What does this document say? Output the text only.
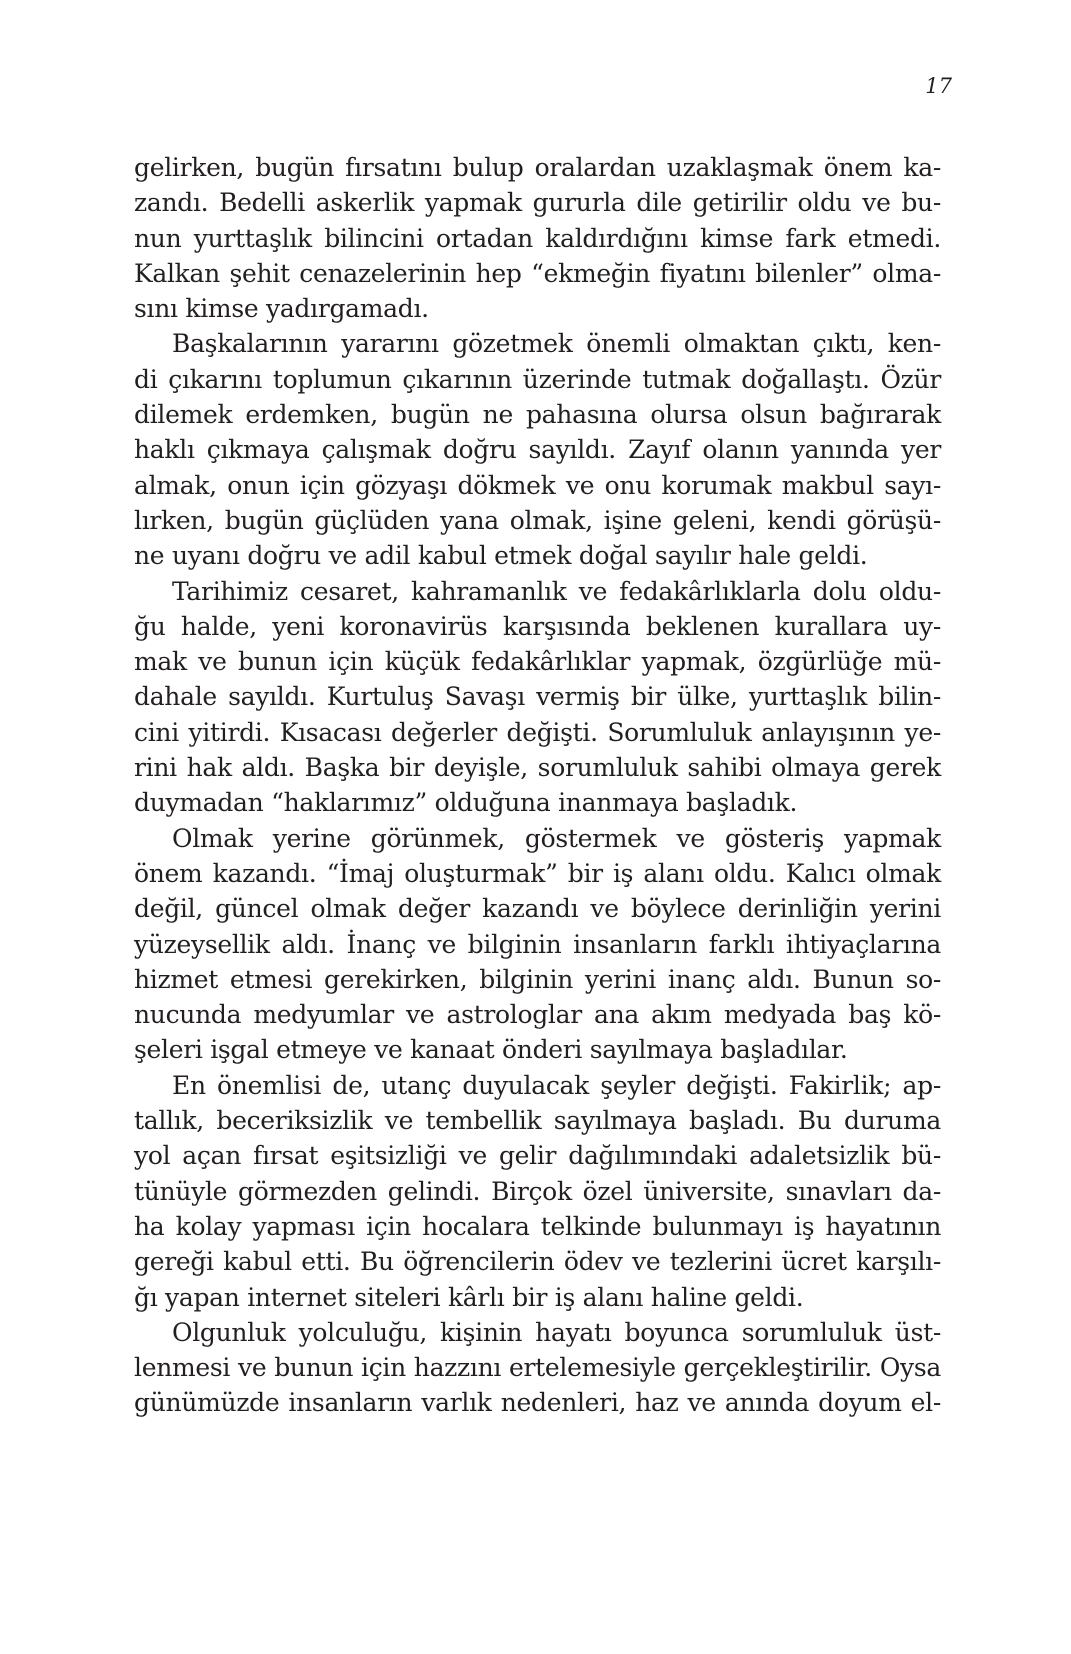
17
gelirken, bugün fırsatını bulup oralardan uzaklaşmak önem ka-
zandı. Bedelli askerlik yapmak gururla dile getirilir oldu ve bu-
nun yurttaşlık bilincini ortadan kaldırdığını kimse fark etmedi.
Kalkan şehit cenazelerinin hep “ekmeğin fiyatını bilenler” olma-
sını kimse yadırgamadı.
Başkalarının yararını gözetmek önemli olmaktan çıktı, ken-
di çıkarını toplumun çıkarının üzerinde tutmak doğallaştı. Özür
dilemek erdemken, bugün ne pahasına olursa olsun bağırarak
haklı çıkmaya çalışmak doğru sayıldı. Zayıf olanın yanında yer
almak, onun için gözyaşı dökmek ve onu korumak makbul sayı-
lırken, bugün güçlüden yana olmak, işine geleni, kendi görüşü-
ne uyanı doğru ve adil kabul etmek doğal sayılır hale geldi.
Tarihimiz cesaret, kahramanlık ve fedakârlıklarla dolu oldu-
ğu halde, yeni koronavirüs karşısında beklenen kurallara uy-
mak ve bunun için küçük fedakârlıklar yapmak, özgürlüğe mü-
dahale sayıldı. Kurtuluş Savaşı vermiş bir ülke, yurttaşlık bilin-
cini yitirdi. Kısacası değerler değişti. Sorumluluk anlayışının ye-
rini hak aldı. Başka bir deyişle, sorumluluk sahibi olmaya gerek
duymadan “haklarımız” olduğuna inanmaya başladık.
Olmak yerine görünmek, göstermek ve gösteriş yapmak
önem kazandı. “İmaj oluşturmak” bir iş alanı oldu. Kalıcı olmak
değil, güncel olmak değer kazandı ve böylece derinliğin yerini
yüzeysellik aldı. İnanç ve bilginin insanların farklı ihtiyaçlarına
hizmet etmesi gerekirken, bilginin yerini inanç aldı. Bunun so-
nucunda medyumlar ve astrologlar ana akım medyada baş kö-
şeleri işgal etmeye ve kanaat önderi sayılmaya başladılar.
En önemlisi de, utanç duyulacak şeyler değişti. Fakirlik; ap-
tallık, beceriksizlik ve tembellik sayılmaya başladı. Bu duruma
yol açan fırsat eşitsizliği ve gelir dağılımındaki adaletsizlik bü-
tünüyle görmezden gelindi. Birçok özel üniversite, sınavları da-
ha kolay yapması için hocalara telkinde bulunmayı iş hayatının
gereği kabul etti. Bu öğrencilerin ödev ve tezlerini ücret karşılı-
ğı yapan internet siteleri kârlı bir iş alanı haline geldi.
Olgunluk yolculuğu, kişinin hayatı boyunca sorumluluk üst-
lenmesi ve bunun için hazzını ertelemesiyle gerçekleştirilir. Oysa
günümüzde insanların varlık nedenleri, haz ve anında doyum el-
